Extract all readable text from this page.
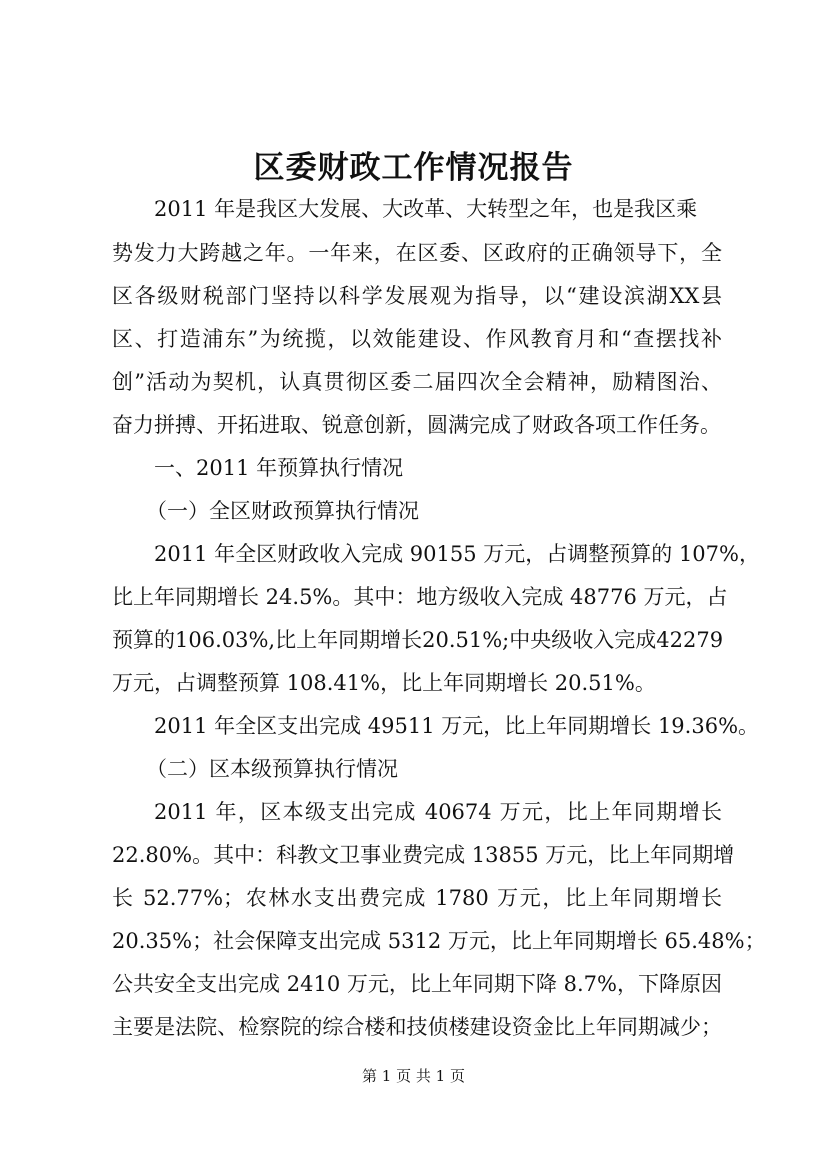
区委财政工作情况报告

2011 年是我区大发展、大改革、大转型之年，也是我区乘

势发力大跨越之年。一年来，在区委、区政府的正确领导下，全

区各级财税部门坚持以科学发展观为指导，以“建设滨湖XX县

区、打造浦东”为统揽，以效能建设、作风教育月和“查摆找补

创”活动为契机，认真贯彻区委二届四次全会精神，励精图治、

奋力拼搏、开拓进取、锐意创新，圆满完成了财政各项工作任务。

一、2011 年预算执行情况

（一）全区财政预算执行情况

2011 年全区财政收入完成 90155 万元，占调整预算的 107%，

比上年同期增长 24.5%。其中：地方级收入完成 48776 万元，占

预算的106.03%,比上年同期增长20.51%;中央级收入完成42279

万元，占调整预算 108.41%，比上年同期增长 20.51%。

2011 年全区支出完成 49511 万元，比上年同期增长 19.36%。

（二）区本级预算执行情况

2011 年，区本级支出完成 40674 万元，比上年同期增长

22.80%。其中：科教文卫事业费完成 13855 万元，比上年同期增

长 52.77%；农林水支出费完成 1780 万元，比上年同期增长

20.35%；社会保障支出完成 5312 万元，比上年同期增长 65.48%；

公共安全支出完成 2410 万元，比上年同期下降 8.7%，下降原因

主要是法院、检察院的综合楼和技侦楼建设资金比上年同期减少；

第 1 页 共 1 页
